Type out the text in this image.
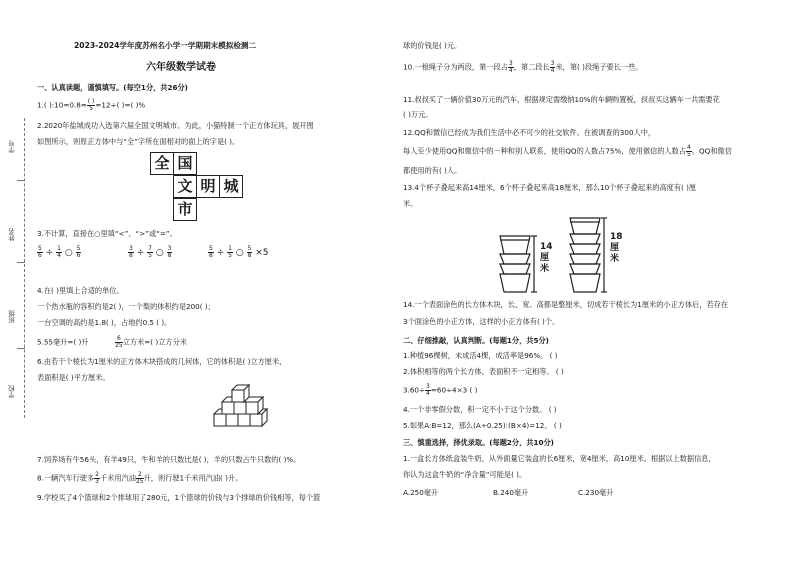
学号
姓名
班级
学校
2023-2024学年度苏州名小学一学期期末模拟检测二
六年级数学试卷
一、认真读题，谨慎填写。(每空1分，共26分)
1.( ):10=0.8= $\frac{( )}{5} =12\div$( )=( )%
2.2020年盐城成功入选第六届全国文明城市。为此，小猫特制一个正方体玩具，展开图
如图所示，则原正方体中与“全”字所在面相对的面上的字是( )。
全 国
文 明 城
市
3.不计算，直接在○里填“<”、“>”或“=”。
$\frac{5}{6} \div \frac{1}{4}$ ○ $\frac{5}{6}$	$\frac{3}{8} \div \frac{7}{5}$ ○ $\frac{3}{8}$	$\frac{5}{8} \div \frac{1}{5}$ ○ $\frac{5}{8} \times 5$
4.在( )里填上合适的单位。
一个热水瓶的容积约是2( )，一个梨的体积约是200( )；
一台空调的高约是1.8( )，占地约0.5 ( )。
5.55毫升=( )升	$\frac{6}{25}$ 立方米=( )立方分米
6.由若干个棱长为1厘米的正方体木块搭成的几何体，它的体积是( )立方厘米，
表面积是( )平方厘米。
7.饲养场有牛56头，有羊49只，牛和羊的只数比是( )，羊的只数占牛只数的( )%。
8.一辆汽车行驶多 $\frac{2}{3}$ 千米用汽油 $\frac{2}{25}$ 升，则行驶1千米用汽油( )升。
9.学校买了4个篮球和2个排球用了280元，1个篮球的价钱与3个排球的价钱相等，每个篮
球的价钱是( )元。
10.一根绳子分为两段，第一段占 $\frac{3}{4}$ ，第二段长 $\frac{3}{4}$ 米，第( )段绳子要长一些。
11.叔叔买了一辆价值30万元的汽车，根据规定需缴纳10%的车辆购置税，叔叔买这辆车一共需要花
( )万元。
12.QQ和微信已经成为我们生活中必不可少的社交软件。在被调查的300人中，
每人至少使用QQ和微信中的一种和别人联系，使用QQ的人数占75%，使用微信的人数占 $\frac{4}{5}$ 。QQ和微信
都使用的有( )人。
13.4个杯子叠起来高14厘米，6个杯子叠起来高18厘米，那么10个杯子叠起来的高度有( )厘
米。
14厘米
18厘米
14.一个表面涂色的长方体木块，长、宽、高都是整厘米，切成若干棱长为1厘米的小正方体后，若存在
3个面涂色的小正方体，这样的小正方体有( )个。
二、仔细推敲，认真判断。(每题1分，共5分)
1.种植96棵树，未成活4棵，成活率是96%。 ( )
2.体积相等的两个长方体，表面积不一定相等。 ( )
$3.60\div \frac{3}{4} =60\div 4\times 3$ ( )
4.一个非零假分数，积一定不小于这个分数。 ( )
5.如果A:B=12，那么(A÷0.25):(B×4)=12。 ( )
三、慎重选择，择优录取。(每题2分，共10分)
1.一盒长方体纸盒装牛奶，从外面量它装盒的长6厘米，宽4厘米，高10厘米。根据以上数据信息，
你认为这盒牛奶的“净含量”可能是( )。
A.250毫升	B.240毫升	C.230毫升
